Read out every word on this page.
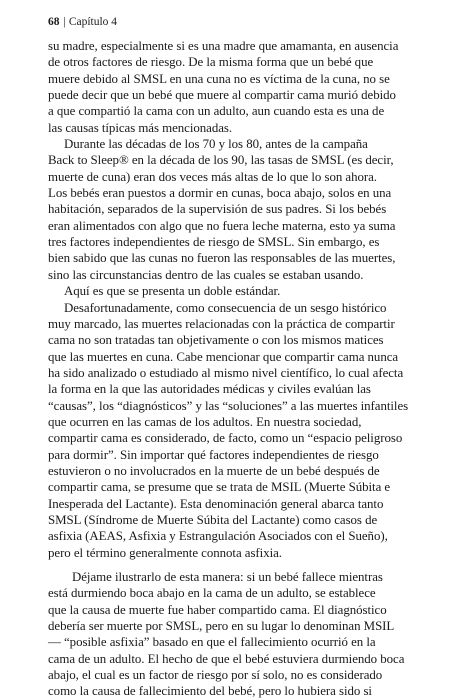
68 | Capítulo 4
su madre, especialmente si es una madre que amamanta, en ausencia
de otros factores de riesgo. De la misma forma que un bebé que
muere debido al SMSL en una cuna no es víctima de la cuna, no se
puede decir que un bebé que muere al compartir cama murió debido
a que compartió la cama con un adulto, aun cuando esta es una de
las causas típicas más mencionadas.
Durante las décadas de los 70 y los 80, antes de la campaña
Back to Sleep® en la década de los 90, las tasas de SMSL (es decir,
muerte de cuna) eran dos veces más altas de lo que lo son ahora.
Los bebés eran puestos a dormir en cunas, boca abajo, solos en una
habitación, separados de la supervisión de sus padres. Si los bebés
eran alimentados con algo que no fuera leche materna, esto ya suma
tres factores independientes de riesgo de SMSL. Sin embargo, es
bien sabido que las cunas no fueron las responsables de las muertes,
sino las circunstancias dentro de las cuales se estaban usando.
Aquí es que se presenta un doble estándar.
Desafortunadamente, como consecuencia de un sesgo histórico
muy marcado, las muertes relacionadas con la práctica de compartir
cama no son tratadas tan objetivamente o con los mismos matices
que las muertes en cuna. Cabe mencionar que compartir cama nunca
ha sido analizado o estudiado al mismo nivel científico, lo cual afecta
la forma en la que las autoridades médicas y civiles evalúan las
“causas”, los “diagnósticos” y las “soluciones” a las muertes infantiles
que ocurren en las camas de los adultos. En nuestra sociedad,
compartir cama es considerado, de facto, como un “espacio peligroso
para dormir”. Sin importar qué factores independientes de riesgo
estuvieron o no involucrados en la muerte de un bebé después de
compartir cama, se presume que se trata de MSIL (Muerte Súbita e
Inesperada del Lactante). Esta denominación general abarca tanto
SMSL (Síndrome de Muerte Súbita del Lactante) como casos de
asfixia (AEAS, Asfixia y Estrangulación Asociados con el Sueño),
pero el término generalmente connota asfixia.
Déjame ilustrarlo de esta manera: si un bebé fallece mientras
está durmiendo boca abajo en la cama de un adulto, se establece
que la causa de muerte fue haber compartido cama. El diagnóstico
debería ser muerte por SMSL, pero en su lugar lo denominan MSIL
— “posible asfixia” basado en que el fallecimiento ocurrió en la
cama de un adulto. El hecho de que el bebé estuviera durmiendo boca
abajo, el cual es un factor de riesgo por sí solo, no es considerado
como la causa de fallecimiento del bebé, pero lo hubiera sido si
